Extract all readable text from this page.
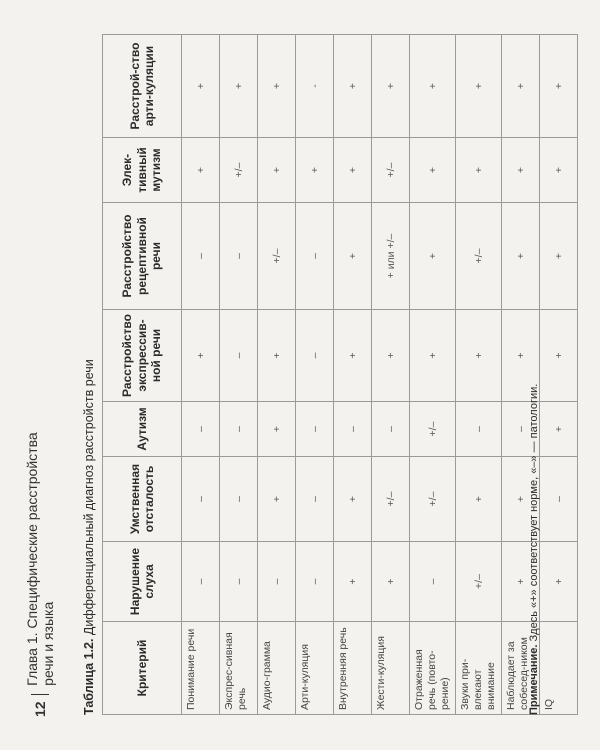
12
Глава 1. Специфические расстройства речи и языка Таблица 1.2. Дифференциальный диагноз расстройств речи
Критерий	Нарушение слуха	Умственная отсталость	Аутизм	Расстройство экспрессив-ной речи	Расстройство рецептивной речи	Элек-тивный мутизм	Расстрой-ство арти-куляции
Понимание речи	–	–	–	+	–	+	+
Экспрес-сивная речь	–	–	–	–	–	+/–	+
Аудио-грамма	–	+	+	+	+/–	+	+
Арти-куляция	–	–	–	–	–	+	-
Внутренняя речь	+	+	–	+	+	+	+
Жести-куляция	+	+/–	–	+	+ или +/–	+/–	+
Отраженная речь (повто-рение)	–	+/–	+/–	+	+	+	+
Звуки при-влекают внимание	+/–	+	–	+	+/–	+	+
Наблюдает за собесед-ником	+	+	–	+	+	+	+
IQ	+	–	+	+	+	+	+
Примечание. Здесь «+» соответствует норме, «–» — патологии.
